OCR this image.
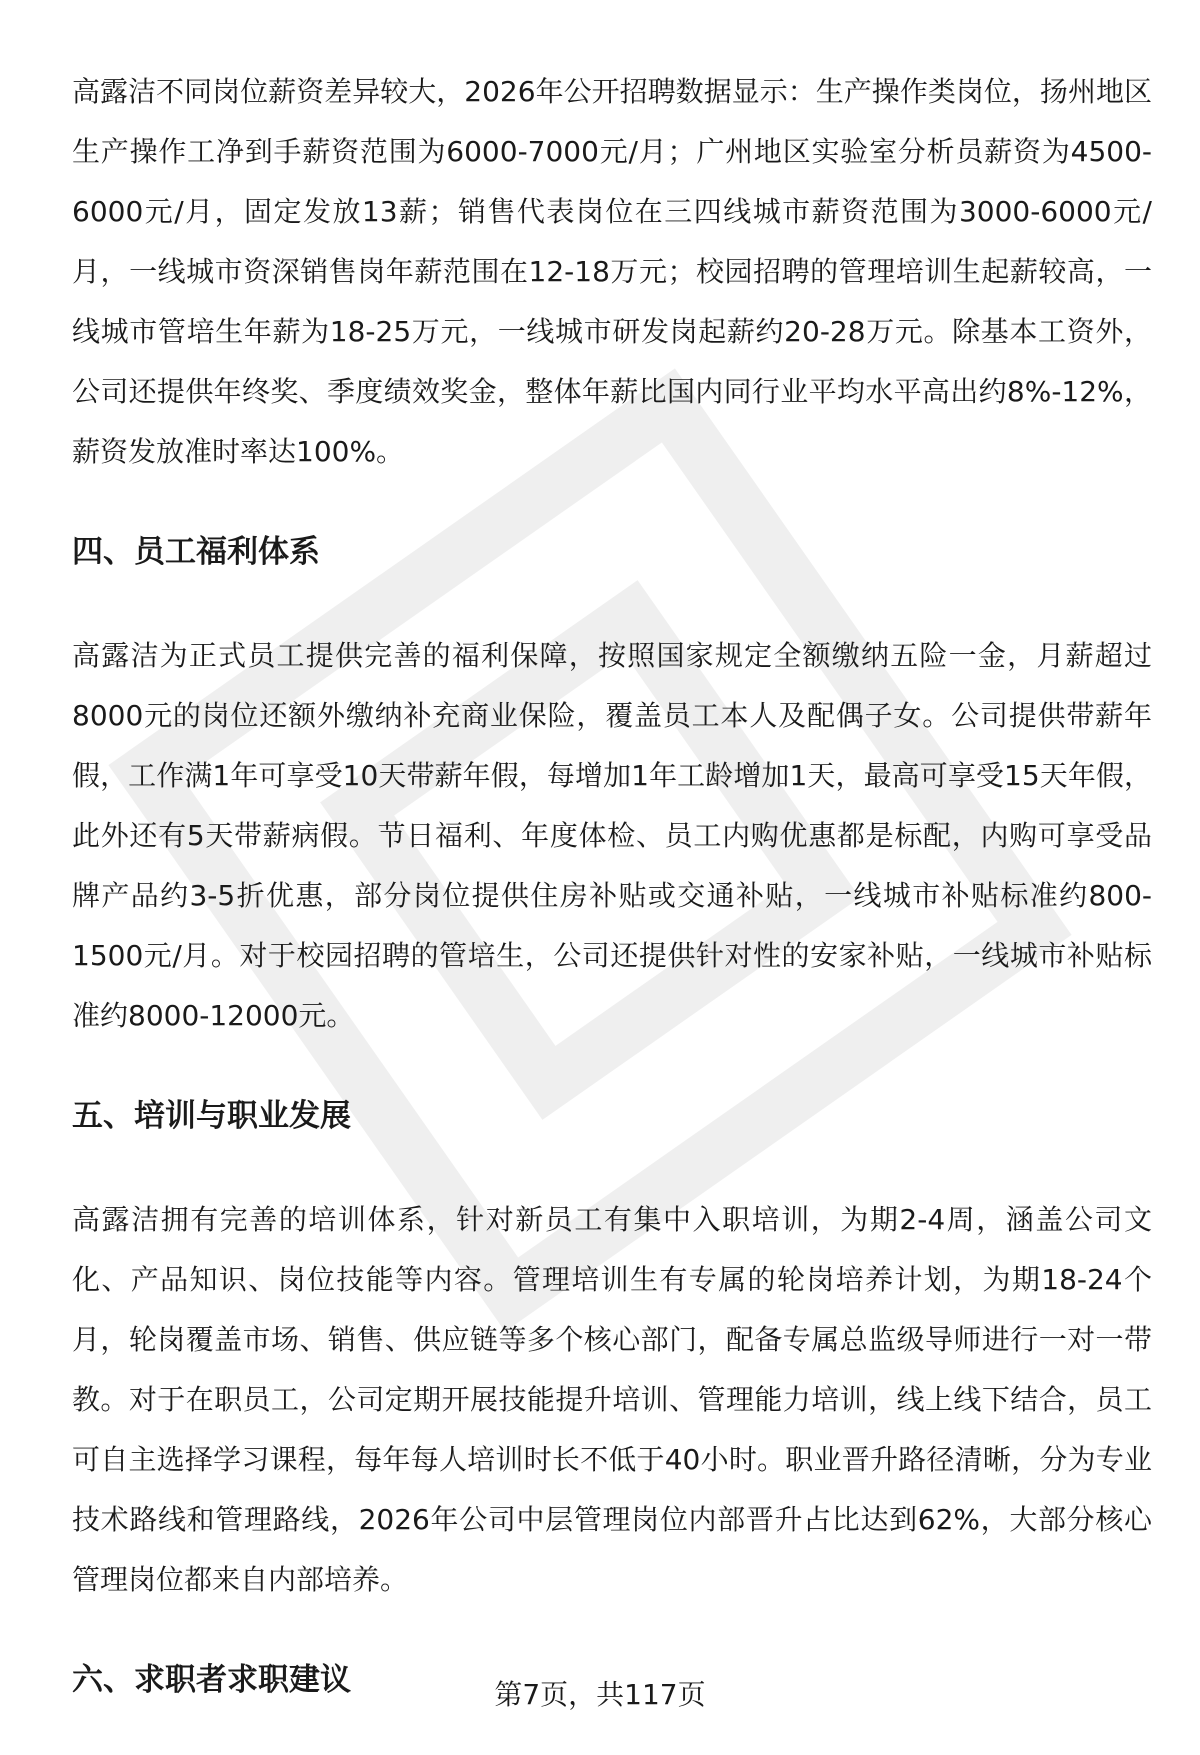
高露洁不同岗位薪资差异较大，2026年公开招聘数据显示：生产操作类岗位，扬州地区生产操作工净到手薪资范围为6000-7000元/月；广州地区实验室分析员薪资为4500-6000元/月，固定发放13薪；销售代表岗位在三四线城市薪资范围为3000-6000元/月，一线城市资深销售岗年薪范围在12-18万元；校园招聘的管理培训生起薪较高，一线城市管培生年薪为18-25万元，一线城市研发岗起薪约20-28万元。除基本工资外，公司还提供年终奖、季度绩效奖金，整体年薪比国内同行业平均水平高出约8%-12%，薪资发放准时率达100%。

四、员工福利体系

高露洁为正式员工提供完善的福利保障，按照国家规定全额缴纳五险一金，月薪超过8000元的岗位还额外缴纳补充商业保险，覆盖员工本人及配偶子女。公司提供带薪年假，工作满1年可享受10天带薪年假，每增加1年工龄增加1天，最高可享受15天年假，此外还有5天带薪病假。节日福利、年度体检、员工内购优惠都是标配，内购可享受品牌产品约3-5折优惠，部分岗位提供住房补贴或交通补贴，一线城市补贴标准约800-1500元/月。对于校园招聘的管培生，公司还提供针对性的安家补贴，一线城市补贴标准约8000-12000元。

五、培训与职业发展

高露洁拥有完善的培训体系，针对新员工有集中入职培训，为期2-4周，涵盖公司文化、产品知识、岗位技能等内容。管理培训生有专属的轮岗培养计划，为期18-24个月，轮岗覆盖市场、销售、供应链等多个核心部门，配备专属总监级导师进行一对一带教。对于在职员工，公司定期开展技能提升培训、管理能力培训，线上线下结合，员工可自主选择学习课程，每年每人培训时长不低于40小时。职业晋升路径清晰，分为专业技术路线和管理路线，2026年公司中层管理岗位内部晋升占比达到62%，大部分核心管理岗位都来自内部培养。

六、求职者求职建议	第7页，共117页
